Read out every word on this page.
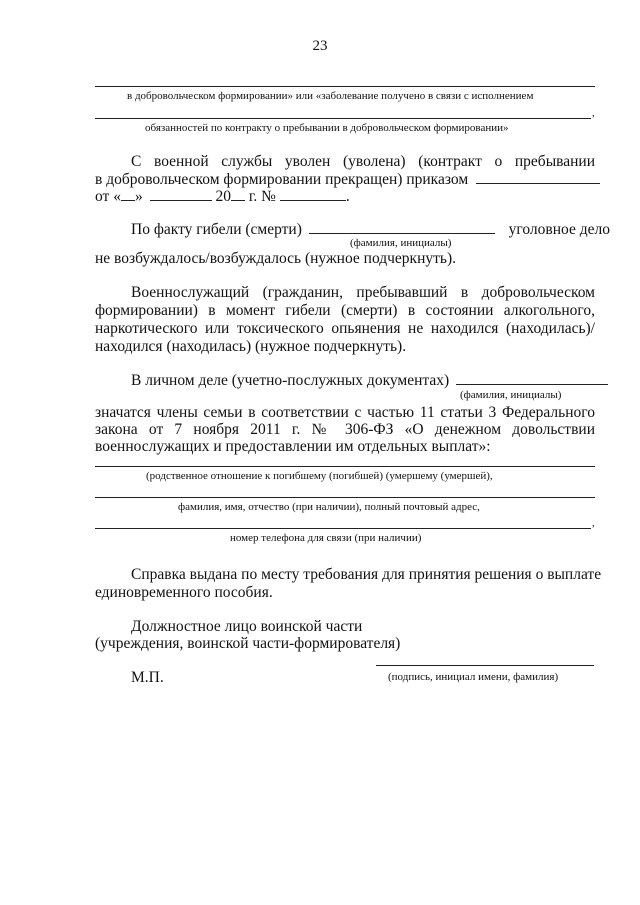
23
в добровольческом формировании» или «заболевание получено в связи с исполнением
,
обязанностей по контракту о пребывании в добровольческом формировании»
С военной службы уволен (уволена) (контракт о пребывании
в добровольческом формировании прекращен) приказом
от « »	20 г. №	.
По факту гибели (смерти)	уголовное дело
(фамилия, инициалы)
не возбуждалось/возбуждалось (нужное подчеркнуть).
Военнослужащий (гражданин, пребывавший в добровольческом
формировании) в момент гибели (смерти) в состоянии алкогольного,
наркотического или токсического опьянения не находился (находилась)/
находился (находилась) (нужное подчеркнуть).
В личном деле (учетно-послужных документах)
(фамилия, инициалы)
значатся члены семьи в соответствии с частью 11 статьи 3 Федерального
закона от 7 ноября 2011 г. № 306-ФЗ «О денежном довольствии
военнослужащих и предоставлении им отдельных выплат»:
(родственное отношение к погибшему (погибшей) (умершему (умершей),
фамилия, имя, отчество (при наличии), полный почтовый адрес,
,
номер телефона для связи (при наличии)
Справка выдана по месту требования для принятия решения о выплате
единовременного пособия.
Должностное лицо воинской части
(учреждения, воинской части-формирователя)
М.П.	(подпись, инициал имени, фамилия)
